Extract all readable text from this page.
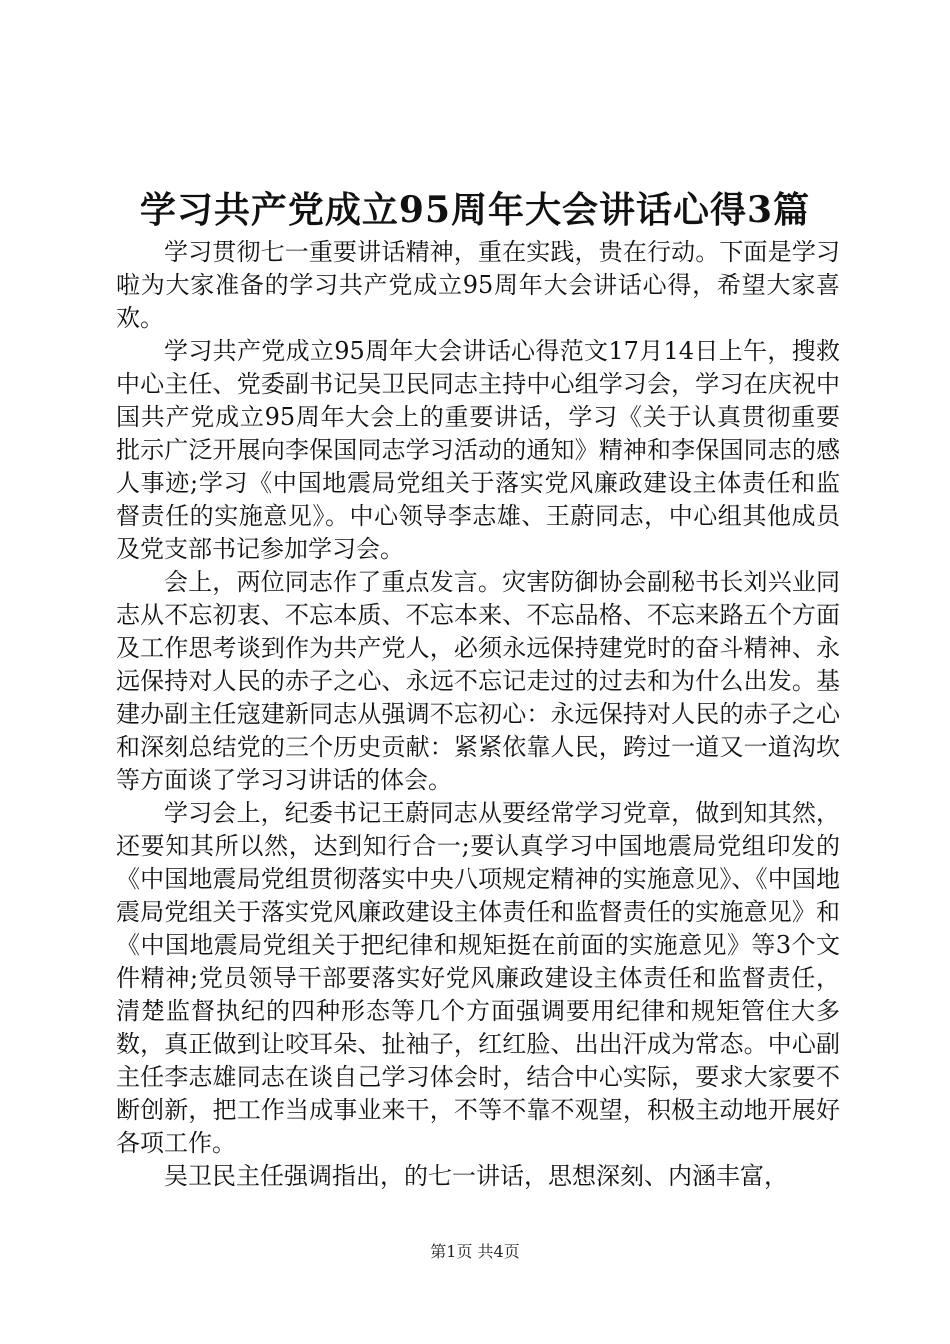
学习共产党成立95周年大会讲话心得3篇

学习贯彻七一重要讲话精神，重在实践，贵在行动。下面是学习啦为大家准备的学习共产党成立95周年大会讲话心得，希望大家喜欢。

学习共产党成立95周年大会讲话心得范文17月14日上午，搜救中心主任、党委副书记吴卫民同志主持中心组学习会，学习在庆祝中国共产党成立95周年大会上的重要讲话，学习《关于认真贯彻重要批示广泛开展向李保国同志学习活动的通知》精神和李保国同志的感人事迹;学习《中国地震局党组关于落实党风廉政建设主体责任和监督责任的实施意见》。中心领导李志雄、王蔚同志，中心组其他成员及党支部书记参加学习会。

会上，两位同志作了重点发言。灾害防御协会副秘书长刘兴业同志从不忘初衷、不忘本质、不忘本来、不忘品格、不忘来路五个方面及工作思考谈到作为共产党人，必须永远保持建党时的奋斗精神、永远保持对人民的赤子之心、永远不忘记走过的过去和为什么出发。基建办副主任寇建新同志从强调不忘初心：永远保持对人民的赤子之心和深刻总结党的三个历史贡献：紧紧依靠人民，跨过一道又一道沟坎等方面谈了学习习讲话的体会。

学习会上，纪委书记王蔚同志从要经常学习党章，做到知其然，还要知其所以然，达到知行合一;要认真学习中国地震局党组印发的《中国地震局党组贯彻落实中央八项规定精神的实施意见》、《中国地震局党组关于落实党风廉政建设主体责任和监督责任的实施意见》和《中国地震局党组关于把纪律和规矩挺在前面的实施意见》等3个文件精神;党员领导干部要落实好党风廉政建设主体责任和监督责任，清楚监督执纪的四种形态等几个方面强调要用纪律和规矩管住大多数，真正做到让咬耳朵、扯袖子，红红脸、出出汗成为常态。中心副主任李志雄同志在谈自己学习体会时，结合中心实际，要求大家要不断创新，把工作当成事业来干，不等不靠不观望，积极主动地开展好各项工作。

吴卫民主任强调指出，的七一讲话，思想深刻、内涵丰富，

第1页 共4页
